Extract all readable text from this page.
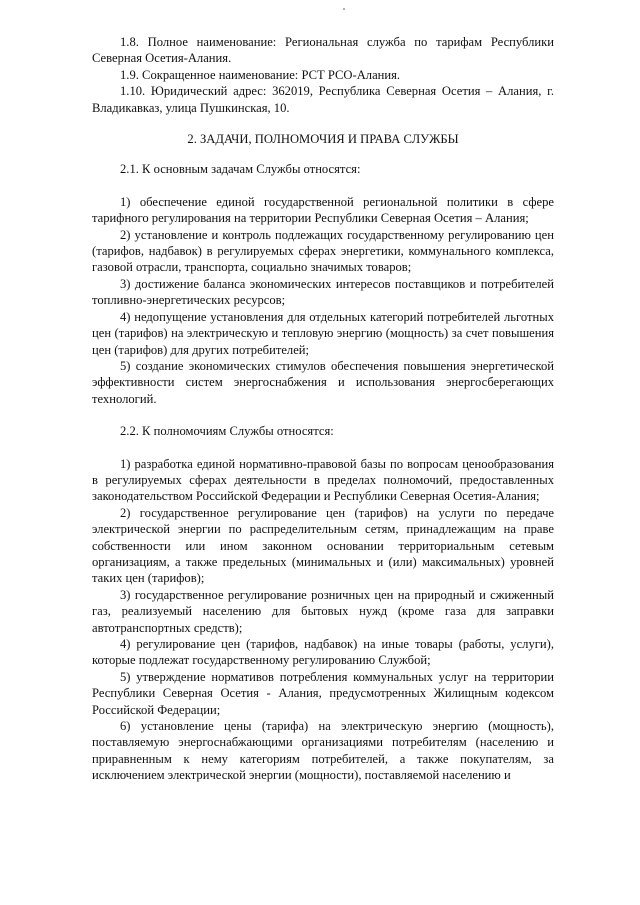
1.8. Полное наименование: Региональная служба по тарифам Республики Северная Осетия-Алания.

1.9. Сокращенное наименование: РСТ РСО-Алания.

1.10. Юридический адрес: 362019, Республика Северная Осетия – Алания, г. Владикавказ, улица Пушкинская, 10.

2. ЗАДАЧИ, ПОЛНОМОЧИЯ И ПРАВА СЛУЖБЫ

2.1. К основным задачам Службы относятся:

1) обеспечение единой государственной региональной политики в сфере тарифного регулирования на территории Республики Северная Осетия – Алания;

2) установление и контроль подлежащих государственному регулированию цен (тарифов, надбавок) в регулируемых сферах энергетики, коммунального комплекса, газовой отрасли, транспорта, социально значимых товаров;

3) достижение баланса экономических интересов поставщиков и потребителей топливно-энергетических ресурсов;

4) недопущение установления для отдельных категорий потребителей льготных цен (тарифов) на электрическую и тепловую энергию (мощность) за счет повышения цен (тарифов) для других потребителей;

5) создание экономических стимулов обеспечения повышения энергетической эффективности систем энергоснабжения и использования энергосберегающих технологий.

2.2. К полномочиям Службы относятся:

1) разработка единой нормативно-правовой базы по вопросам ценообразования в регулируемых сферах деятельности в пределах полномочий, предоставленных законодательством Российской Федерации и Республики Северная Осетия-Алания;

2) государственное регулирование цен (тарифов) на услуги по передаче электрической энергии по распределительным сетям, принадлежащим на праве собственности или ином законном основании территориальным сетевым организациям, а также предельных (минимальных и (или) максимальных) уровней таких цен (тарифов);

3) государственное регулирование розничных цен на природный и сжиженный газ, реализуемый населению для бытовых нужд (кроме газа для заправки автотранспортных средств);

4) регулирование цен (тарифов, надбавок) на иные товары (работы, услуги), которые подлежат государственному регулированию Службой;

5) утверждение нормативов потребления коммунальных услуг на территории Республики Северная Осетия - Алания, предусмотренных Жилищным кодексом Российской Федерации;

6) установление цены (тарифа) на электрическую энергию (мощность), поставляемую энергоснабжающими организациями потребителям (населению и приравненным к нему категориям потребителей, а также покупателям, за исключением электрической энергии (мощности), поставляемой населению и
